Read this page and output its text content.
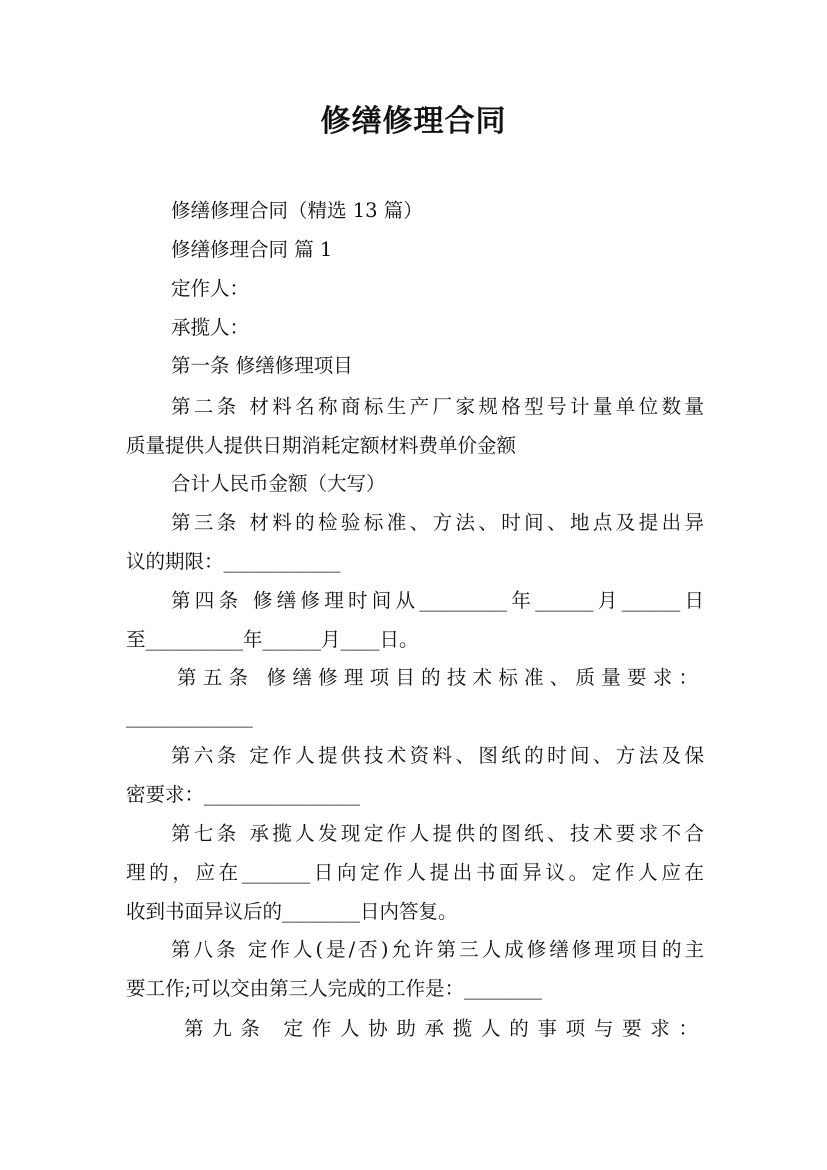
修缮修理合同
修缮修理合同（精选 13 篇）
修缮修理合同 篇 1
定作人：
承揽人：
第一条 修缮修理项目
第二条 材料名称商标生产厂家规格型号计量单位数量
质量提供人提供日期消耗定额材料费单价金额
合计人民币金额（大写）
第三条 材料的检验标准、方法、时间、地点及提出异
议的期限：____________
第四条 修缮修理时间从_________年______月______日
至__________年______月____日。
第五条 修缮修理项目的技术标准、质量要求：
_____________
第六条 定作人提供技术资料、图纸的时间、方法及保
密要求：________________
第七条 承揽人发现定作人提供的图纸、技术要求不合
理的，应在_______日向定作人提出书面异议。定作人应在
收到书面异议后的________日内答复。
第八条 定作人(是/否)允许第三人成修缮修理项目的主
要工作;可以交由第三人完成的工作是：________
第九条 定作人协助承揽人的事项与要求：
